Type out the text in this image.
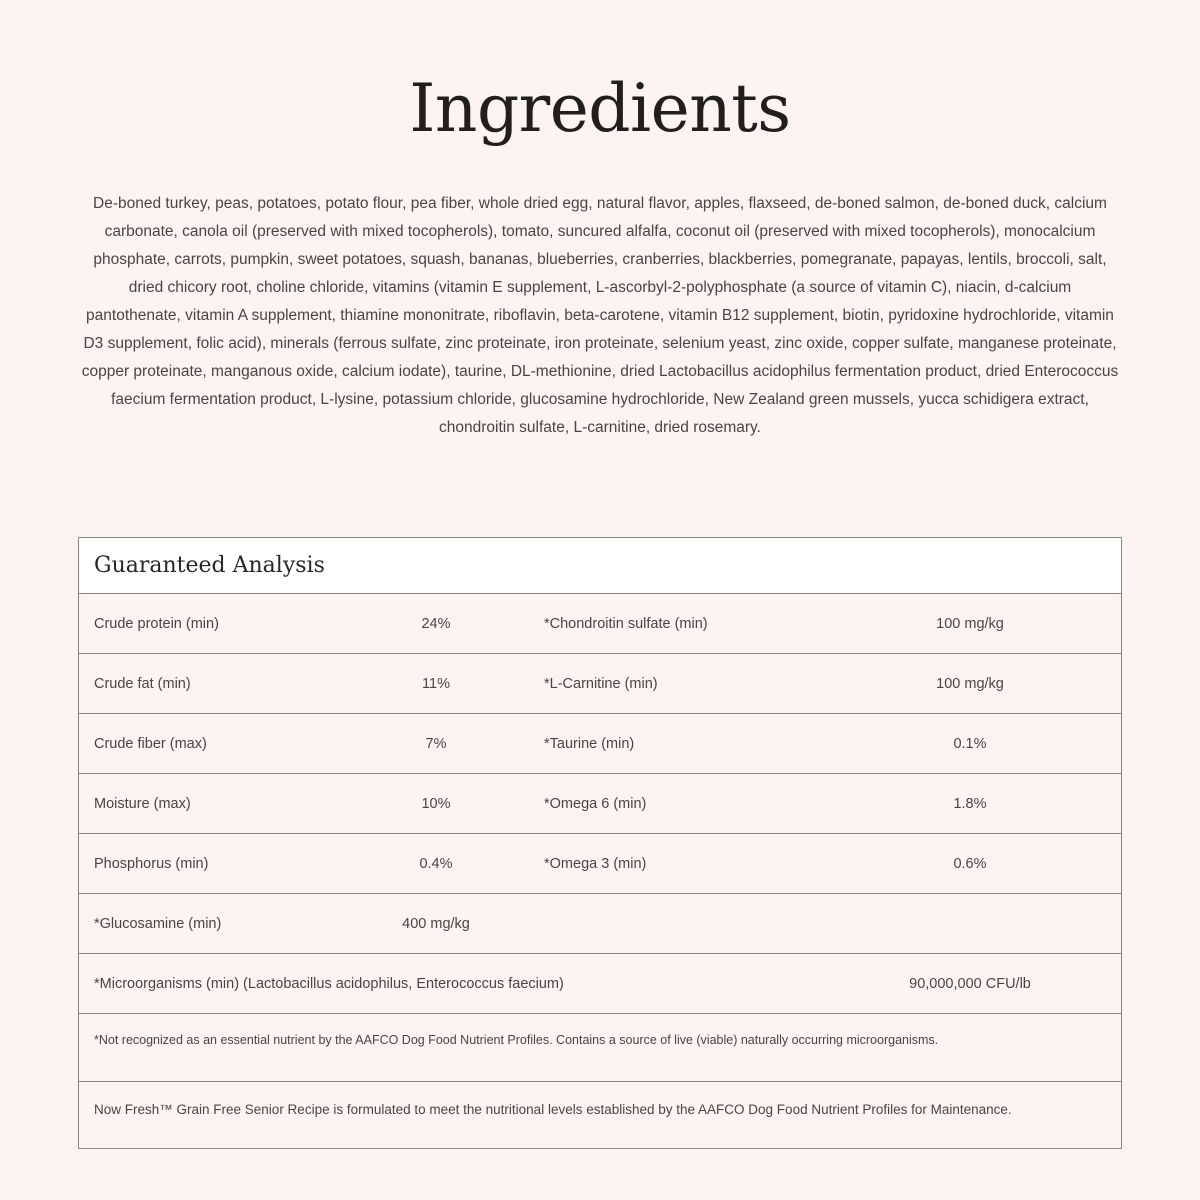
Ingredients

De-boned turkey, peas, potatoes, potato flour, pea fiber, whole dried egg, natural flavor, apples, flaxseed, de-boned salmon, de-boned duck, calcium carbonate, canola oil (preserved with mixed tocopherols), tomato, suncured alfalfa, coconut oil (preserved with mixed tocopherols), monocalcium phosphate, carrots, pumpkin, sweet potatoes, squash, bananas, blueberries, cranberries, blackberries, pomegranate, papayas, lentils, broccoli, salt, dried chicory root, choline chloride, vitamins (vitamin E supplement, L-ascorbyl-2-polyphosphate (a source of vitamin C), niacin, d-calcium pantothenate, vitamin A supplement, thiamine mononitrate, riboflavin, beta-carotene, vitamin B12 supplement, biotin, pyridoxine hydrochloride, vitamin D3 supplement, folic acid), minerals (ferrous sulfate, zinc proteinate, iron proteinate, selenium yeast, zinc oxide, copper sulfate, manganese proteinate, copper proteinate, manganous oxide, calcium iodate), taurine, DL-methionine, dried Lactobacillus acidophilus fermentation product, dried Enterococcus faecium fermentation product, L-lysine, potassium chloride, glucosamine hydrochloride, New Zealand green mussels, yucca schidigera extract, chondroitin sulfate, L-carnitine, dried rosemary.

Guaranteed Analysis
Crude protein (min)	24%	*Chondroitin sulfate (min)	100 mg/kg
Crude fat (min)	11%	*L-Carnitine (min)	100 mg/kg
Crude fiber (max)	7%	*Taurine (min)	0.1%
Moisture (max)	10%	*Omega 6 (min)	1.8%
Phosphorus (min)	0.4%	*Omega 3 (min)	0.6%
*Glucosamine (min)	400 mg/kg
*Microorganisms (min) (Lactobacillus acidophilus, Enterococcus faecium)	90,000,000 CFU/lb
*Not recognized as an essential nutrient by the AAFCO Dog Food Nutrient Profiles. Contains a source of live (viable) naturally occurring microorganisms.
Now Fresh™ Grain Free Senior Recipe is formulated to meet the nutritional levels established by the AAFCO Dog Food Nutrient Profiles for Maintenance.
